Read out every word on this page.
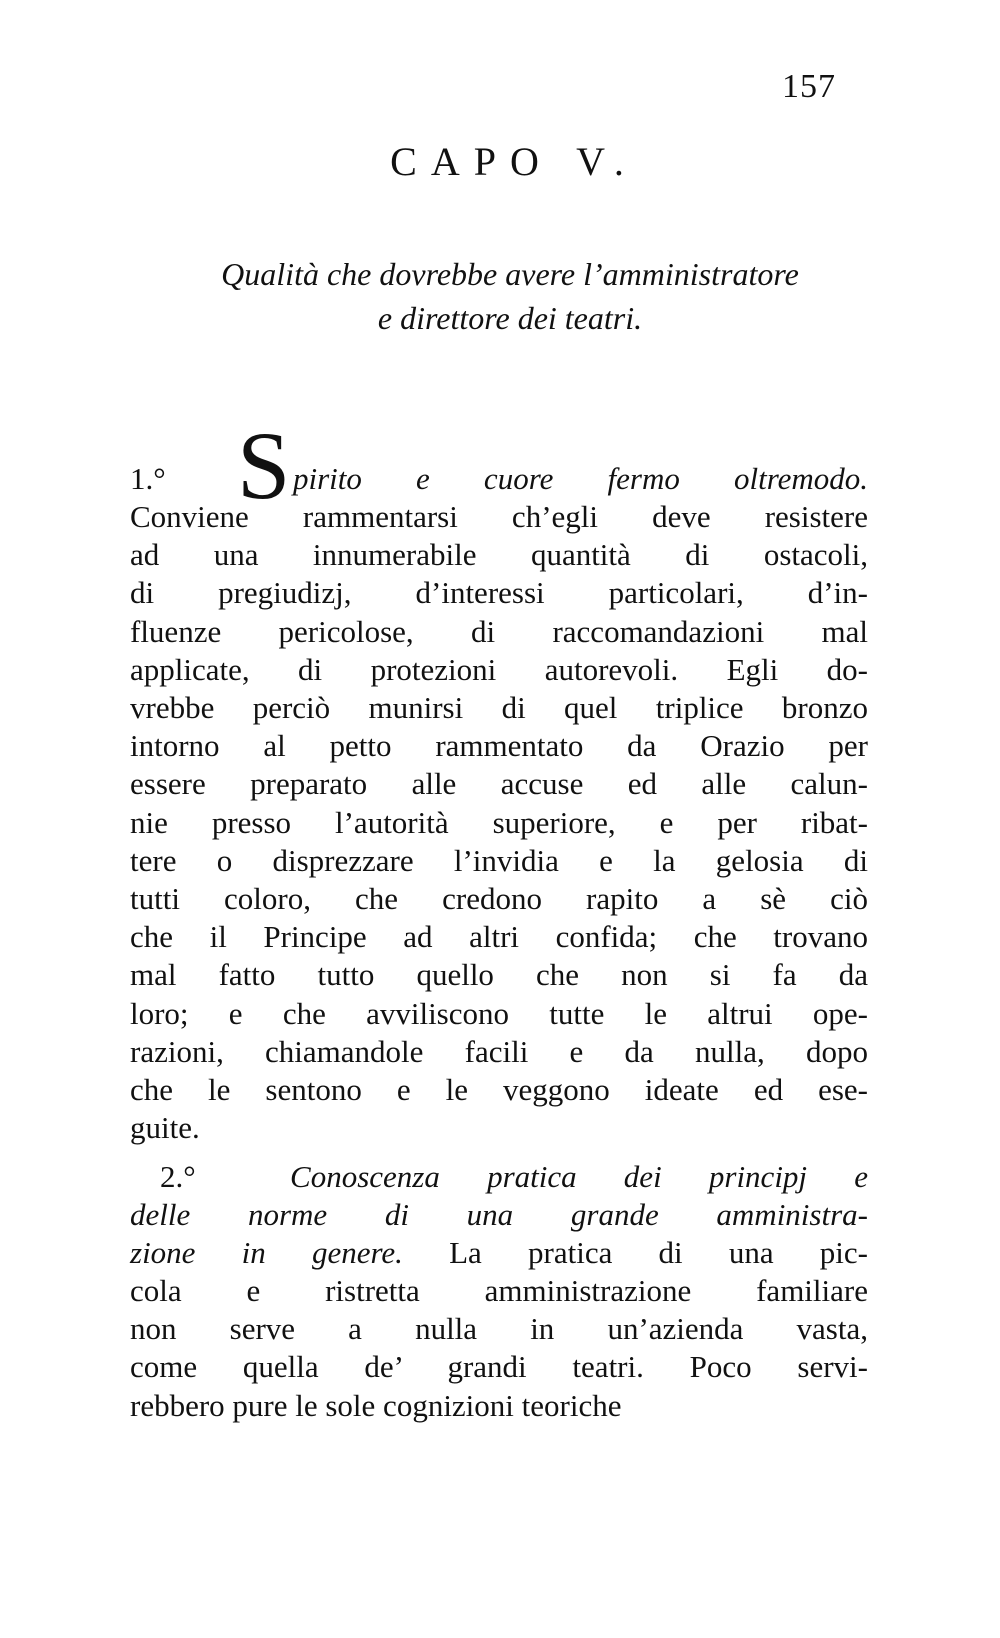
157
CAPO V.
Qualità che dovrebbe avere l’amministratore
e direttore dei teatri.
S
1.°	pirito e cuore fermo oltremodo.
Conviene rammentarsi ch’egli deve resistere
ad una innumerabile quantità di ostacoli,
di pregiudizj, d’interessi particolari, d’in-
fluenze pericolose, di raccomandazioni mal
applicate, di protezioni autorevoli. Egli do-
vrebbe perciò munirsi di quel triplice bronzo
intorno al petto rammentato da Orazio per
essere preparato alle accuse ed alle calun-
nie presso l’autorità superiore, e per ribat-
tere o disprezzare l’invidia e la gelosia di
tutti coloro, che credono rapito a sè ciò
che il Principe ad altri confida; che trovano
mal fatto tutto quello che non si fa da
loro; e che avviliscono tutte le altrui ope-
razioni, chiamandole facili e da nulla, dopo
che le sentono e le veggono ideate ed ese-
guite.
2.°	Conoscenza pratica dei principj e
delle norme di una grande amministra-
zione in genere. La pratica di una pic-
cola e ristretta amministrazione familiare
non serve a nulla in un’azienda vasta,
come quella de’ grandi teatri. Poco servi-
rebbero pure le sole cognizioni teoriche
